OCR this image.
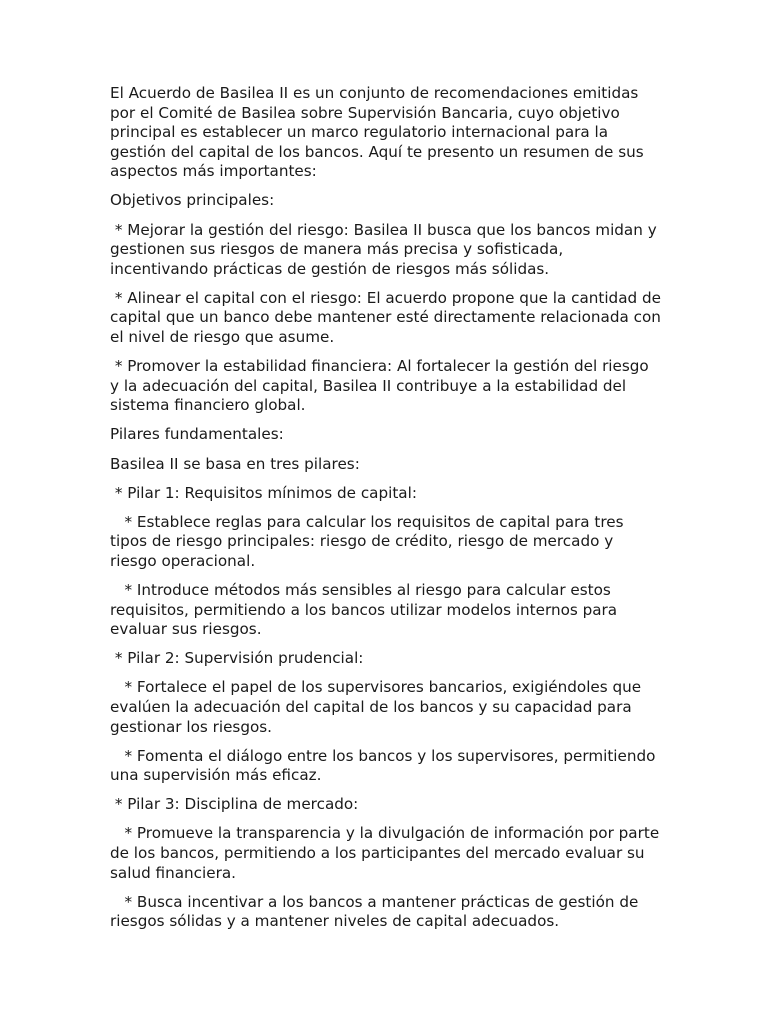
El Acuerdo de Basilea II es un conjunto de recomendaciones emitidas por el Comité de Basilea sobre Supervisión Bancaria, cuyo objetivo principal es establecer un marco regulatorio internacional para la gestión del capital de los bancos. Aquí te presento un resumen de sus aspectos más importantes:

Objetivos principales:

* Mejorar la gestión del riesgo: Basilea II busca que los bancos midan y gestionen sus riesgos de manera más precisa y sofisticada, incentivando prácticas de gestión de riesgos más sólidas.

* Alinear el capital con el riesgo: El acuerdo propone que la cantidad de capital que un banco debe mantener esté directamente relacionada con el nivel de riesgo que asume.

* Promover la estabilidad financiera: Al fortalecer la gestión del riesgo y la adecuación del capital, Basilea II contribuye a la estabilidad del sistema financiero global.

Pilares fundamentales:

Basilea II se basa en tres pilares:

* Pilar 1: Requisitos mínimos de capital:

* Establece reglas para calcular los requisitos de capital para tres tipos de riesgo principales: riesgo de crédito, riesgo de mercado y riesgo operacional.

* Introduce métodos más sensibles al riesgo para calcular estos requisitos, permitiendo a los bancos utilizar modelos internos para evaluar sus riesgos.

* Pilar 2: Supervisión prudencial:

* Fortalece el papel de los supervisores bancarios, exigiéndoles que evalúen la adecuación del capital de los bancos y su capacidad para gestionar los riesgos.

* Fomenta el diálogo entre los bancos y los supervisores, permitiendo una supervisión más eficaz.

* Pilar 3: Disciplina de mercado:

* Promueve la transparencia y la divulgación de información por parte de los bancos, permitiendo a los participantes del mercado evaluar su salud financiera.

* Busca incentivar a los bancos a mantener prácticas de gestión de riesgos sólidas y a mantener niveles de capital adecuados.
